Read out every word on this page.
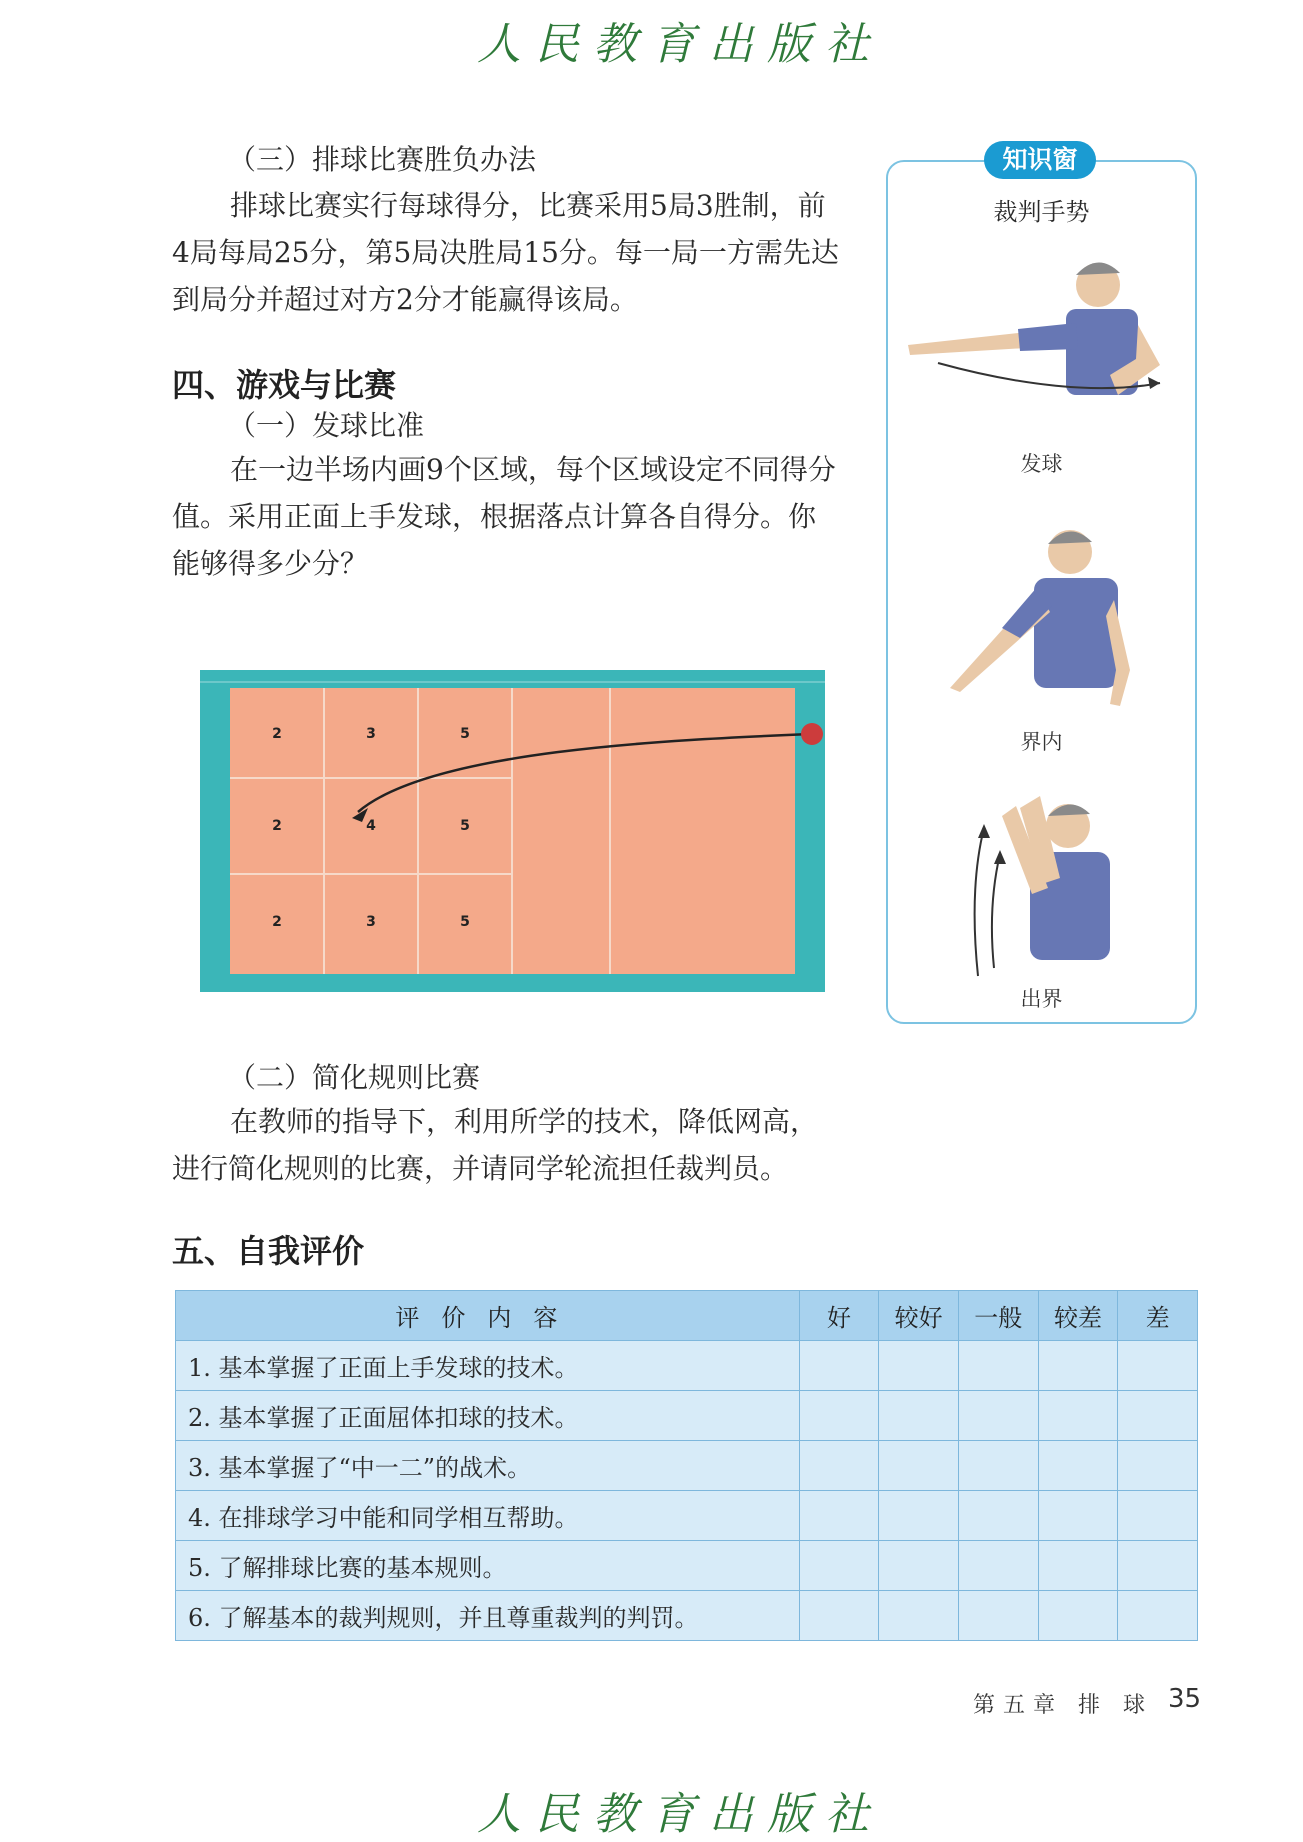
人民教育出版社
（三）排球比赛胜负办法
排球比赛实行每球得分，比赛采用5局3胜制，前4局每局25分，第5局决胜局15分。每一局一方需先达到局分并超过对方2分才能赢得该局。
四、游戏与比赛
（一）发球比准
在一边半场内画9个区域，每个区域设定不同得分值。采用正面上手发球，根据落点计算各自得分。你能够得多少分？
2	3	5
2	4	5
2	3	5
（二）简化规则比赛
在教师的指导下，利用所学的技术，降低网高，进行简化规则的比赛，并请同学轮流担任裁判员。
知识窗
裁判手势
发球
界内
出界
五、自我评价
评价内容	好	较好	一般	较差	差
1. 基本掌握了正面上手发球的技术。					
2. 基本掌握了正面屈体扣球的技术。					
3. 基本掌握了“中一二”的战术。					
4. 在排球学习中能和同学相互帮助。					
5. 了解排球比赛的基本规则。					
6. 了解基本的裁判规则，并且尊重裁判的判罚。					
第五章 排 球 35
人民教育出版社
